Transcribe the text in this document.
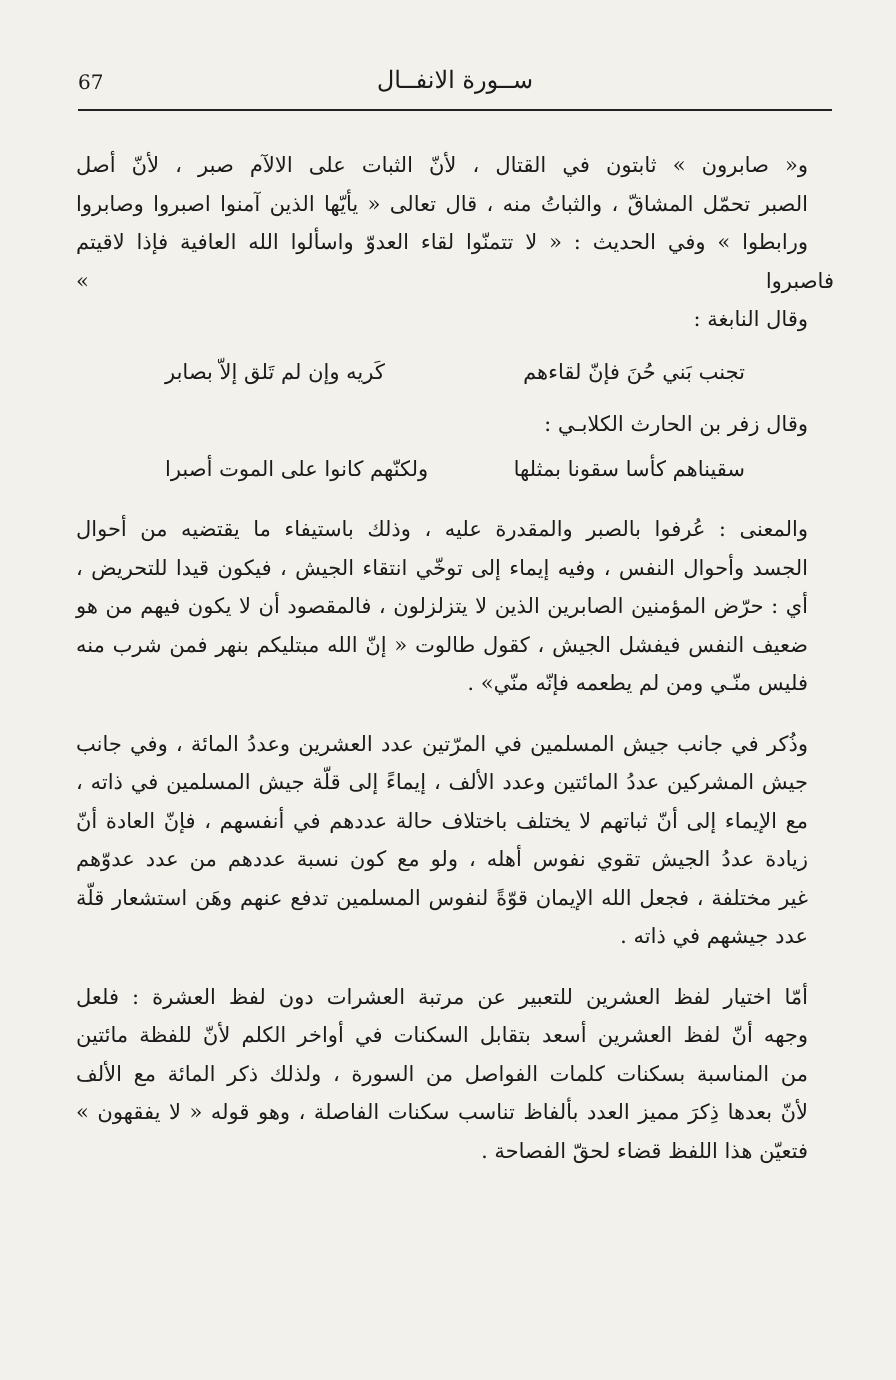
67	ســورة الانفــال
و« صابرون » ثابتون في القتال ، لأنّ الثبات على الالآم صبر ، لأنّ أصل
الصبر تحمّل المشاقّ ، والثباتُ منه ، قال تعالى « يأيّها الذين آمنوا اصبروا وصابروا
ورابطوا » وفي الحديث : « لا تتمنّوا لقاء العدوّ واسألوا الله العافية فإذا لاقيتم فاصبروا »
وقال النابغة :
تجنب بَني حُنَ فإنّ لقاءهم
كَريه وإن لم تَلق إلاّ بصابر
وقال زفر بن الحارث الكلابـي :
سقيناهم كأسا سقونا بمثلها
ولكنّهم كانوا على الموت أصبرا
والمعنى : عُرفوا بالصبر والمقدرة عليه ، وذلك باستيفاء ما يقتضيه من أحوال
الجسد وأحوال النفس ، وفيه إيماء إلى توخّي انتقاء الجيش ، فيكون قيدا للتحريض ،
أي : حرّض المؤمنين الصابرين الذين لا يتزلزلون ، فالمقصود أن لا يكون فيهم من هو
ضعيف النفس فيفشل الجيش ، كقول طالوت « إنّ الله مبتليكم بنهر فمن شرب منه
فليس منّـي ومن لم يطعمه فإنّه منّي» .
وذُكر في جانب جيش المسلمين في المرّتين عدد العشرين وعددُ المائة ، وفي جانب
جيش المشركين عددُ المائتين وعدد الألف ، إيماءً إلى قلّة جيش المسلمين في ذاته ،
مع الإيماء إلى أنّ ثباتهم لا يختلف باختلاف حالة عددهم في أنفسهم ، فإنّ العادة أنّ
زيادة عددُ الجيش تقوي نفوس أهله ، ولو مع كون نسبة عددهم من عدد عدوّهم
غير مختلفة ، فجعل الله الإيمان قوّةً لنفوس المسلمين تدفع عنهم وهَن استشعار قلّة
عدد جيشهم في ذاته .
أمّا اختيار لفظ العشرين للتعبير عن مرتبة العشرات دون لفظ العشرة : فلعل
وجهه أنّ لفظ العشرين أسعد بتقابل السكنات في أواخر الكلم لأنّ للفظة مائتين
من المناسبة بسكنات كلمات الفواصل من السورة ، ولذلك ذكر المائة مع الألف
لأنّ بعدها ذِكرَ مميز العدد بألفاظ تناسب سكنات الفاصلة ، وهو قوله « لا يفقهون »
فتعيّن هذا اللفظ قضاء لحقّ الفصاحة .
